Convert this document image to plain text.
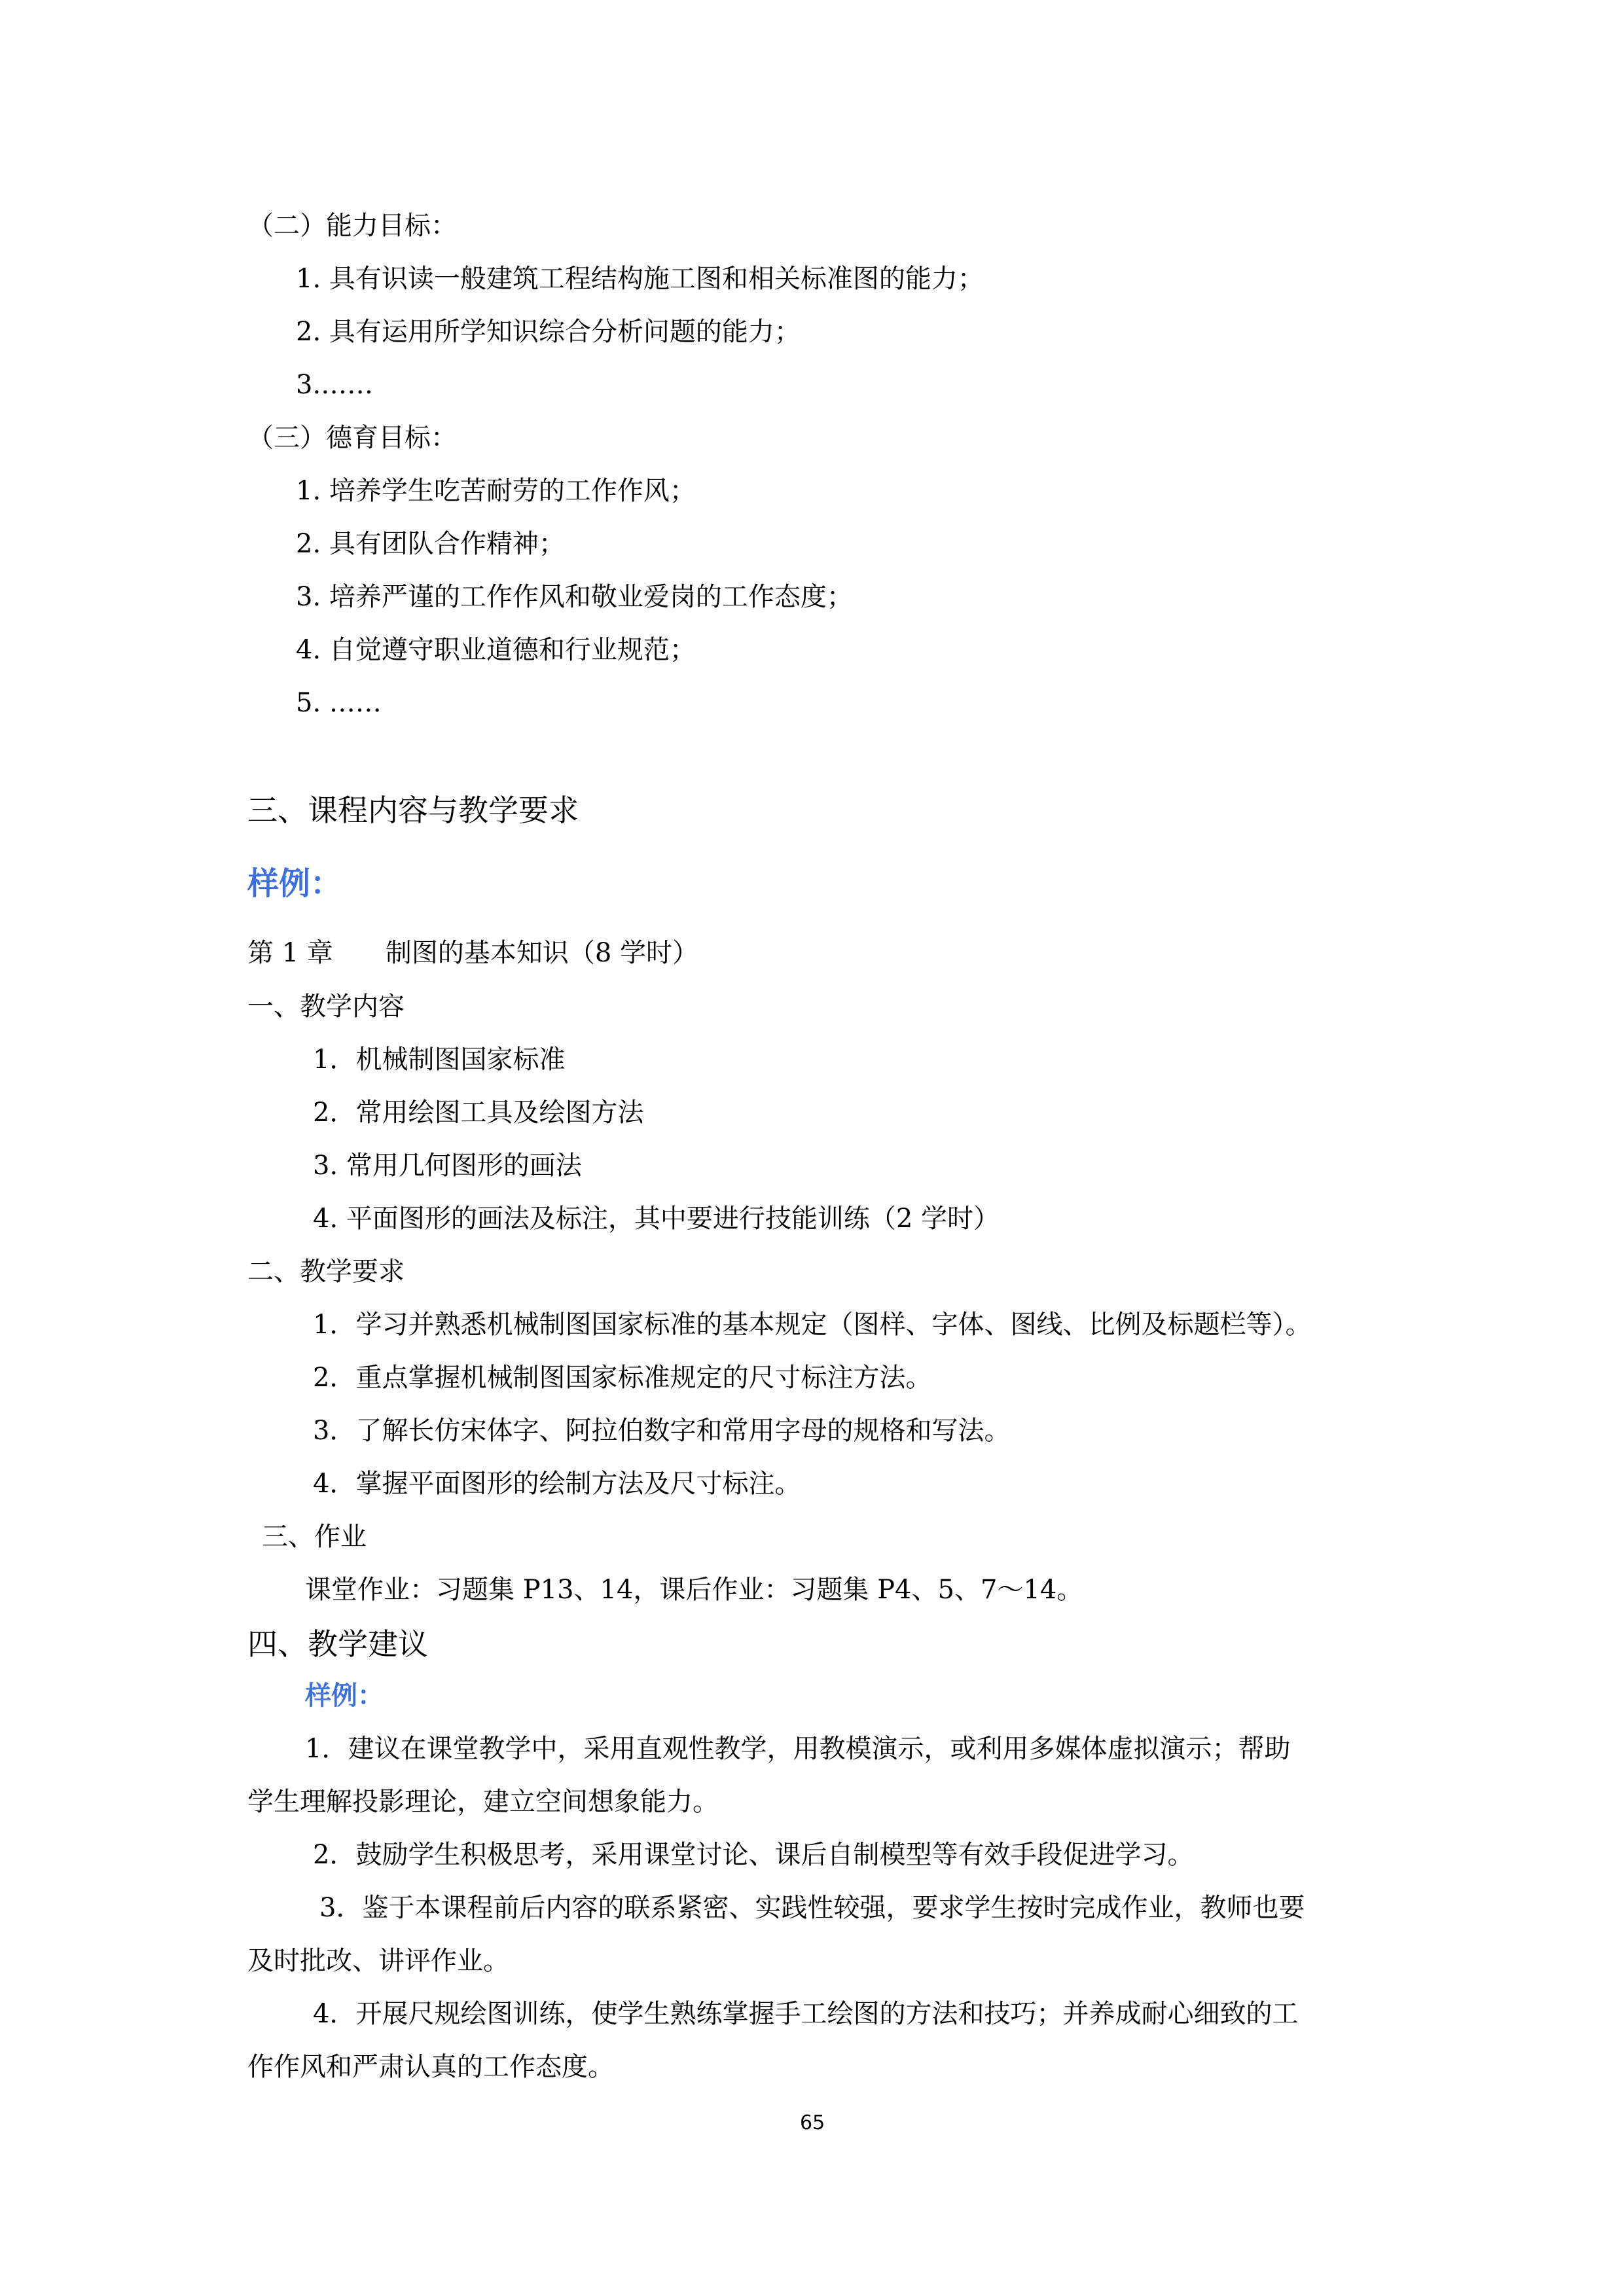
（二）能力目标：
1. 具有识读一般建筑工程结构施工图和相关标准图的能力；
2. 具有运用所学知识综合分析问题的能力；
3.……
（三）德育目标：
1. 培养学生吃苦耐劳的工作作风；
2. 具有团队合作精神；
3. 培养严谨的工作作风和敬业爱岗的工作态度；
4. 自觉遵守职业道德和行业规范；
5. ……
三、课程内容与教学要求
样例：
第 1 章　　制图的基本知识（8 学时）
一、教学内容
1．机械制图国家标准
2．常用绘图工具及绘图方法
3. 常用几何图形的画法
4. 平面图形的画法及标注，其中要进行技能训练（2 学时）
二、教学要求
1．学习并熟悉机械制图国家标准的基本规定（图样、字体、图线、比例及标题栏等）。
2．重点掌握机械制图国家标准规定的尺寸标注方法。
3．了解长仿宋体字、阿拉伯数字和常用字母的规格和写法。
4．掌握平面图形的绘制方法及尺寸标注。
三、作业
课堂作业：习题集 P13、14，课后作业：习题集 P4、5、7～14。
四、教学建议
样例：
1．建议在课堂教学中，采用直观性教学，用教模演示，或利用多媒体虚拟演示；帮助
学生理解投影理论，建立空间想象能力。
2．鼓励学生积极思考，采用课堂讨论、课后自制模型等有效手段促进学习。
3．鉴于本课程前后内容的联系紧密、实践性较强，要求学生按时完成作业，教师也要
及时批改、讲评作业。
4．开展尺规绘图训练，使学生熟练掌握手工绘图的方法和技巧；并养成耐心细致的工
作作风和严肃认真的工作态度。
65
